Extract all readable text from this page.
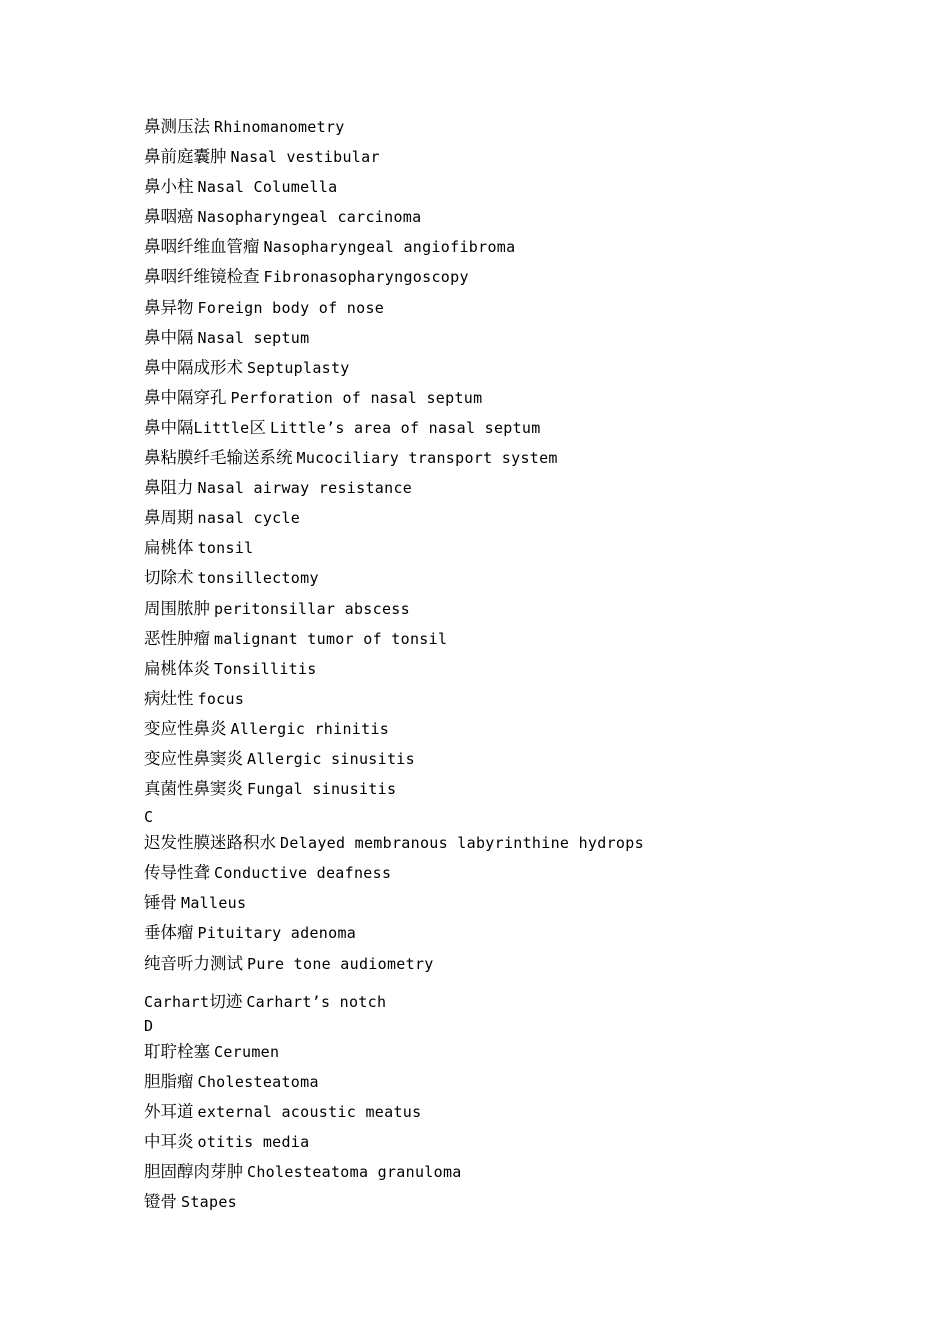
鼻测压法 Rhinomanometry
鼻前庭囊肿 Nasal vestibular
鼻小柱 Nasal Columella
鼻咽癌 Nasopharyngeal carcinoma
鼻咽纤维血管瘤 Nasopharyngeal angiofibroma
鼻咽纤维镜检查 Fibronasopharyngoscopy
鼻异物 Foreign body of nose
鼻中隔 Nasal septum
鼻中隔成形术 Septuplasty
鼻中隔穿孔 Perforation of nasal septum
鼻中隔Little区 Little’s area of nasal septum
鼻粘膜纤毛输送系统 Mucociliary transport system
鼻阻力 Nasal airway resistance
鼻周期 nasal cycle
扁桃体 tonsil
切除术 tonsillectomy
周围脓肿 peritonsillar abscess
恶性肿瘤 malignant tumor of tonsil
扁桃体炎 Tonsillitis
病灶性 focus
变应性鼻炎 Allergic rhinitis
变应性鼻窦炎 Allergic sinusitis
真菌性鼻窦炎 Fungal sinusitis
C
迟发性膜迷路积水 Delayed membranous labyrinthine hydrops
传导性聋 Conductive deafness
锤骨 Malleus
垂体瘤 Pituitary adenoma
纯音听力测试 Pure tone audiometry
Carhart切迹 Carhart’s notch
D
耵聍栓塞 Cerumen
胆脂瘤 Cholesteatoma
外耳道 external acoustic meatus
中耳炎 otitis media
胆固醇肉芽肿 Cholesteatoma granuloma
镫骨 Stapes
